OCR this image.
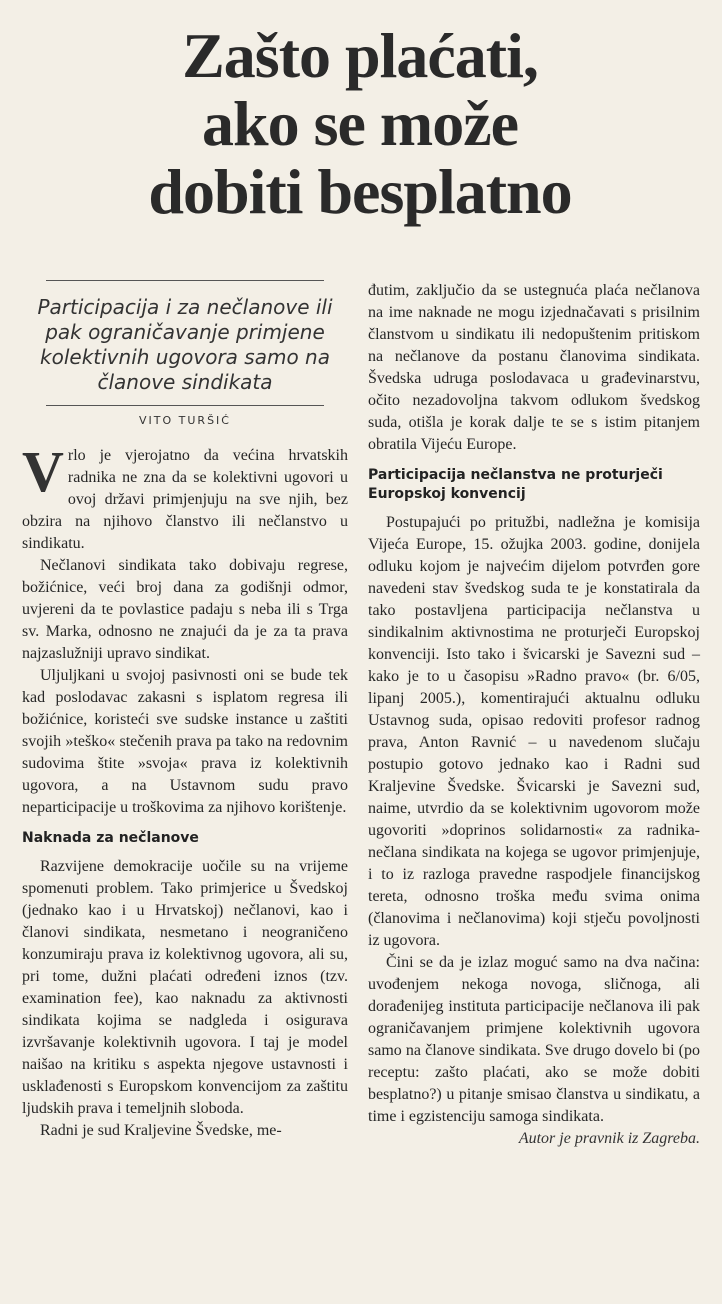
Zašto plaćati,
ako se može
dobiti besplatno
Participacija i za nečlanove ili pak ograničavanje primjene kolektivnih ugovora samo na članove sindikata
VITO TURŠIĆ

Vrlo je vjerojatno da većina hrvatskih radnika ne zna da se kolektivni ugovori u ovoj državi primjenjuju na sve njih, bez obzira na njihovo članstvo ili nečlanstvo u sindikatu.

Nečlanovi sindikata tako dobivaju regrese, božićnice, veći broj dana za godišnji odmor, uvjereni da te povlastice padaju s neba ili s Trga sv. Marka, odnosno ne znajući da je za ta prava najzaslužniji upravo sindikat.

Uljuljkani u svojoj pasivnosti oni se bude tek kad poslodavac zakasni s isplatom regresa ili božićnice, koristeći sve sudske instance u zaštiti svojih »teško« stečenih prava pa tako na redovnim sudovima štite »svoja« prava iz kolektivnih ugovora, a na Ustavnom sudu pravo neparticipacije u troškovima za njihovo korištenje.

Naknada za nečlanove

Razvijene demokracije uočile su na vrijeme spomenuti problem. Tako primjerice u Švedskoj (jednako kao i u Hrvatskoj) nečlanovi, kao i članovi sindikata, nesmetano i neograničeno konzumiraju prava iz kolektivnog ugovora, ali su, pri tome, dužni plaćati određeni iznos (tzv. examination fee), kao naknadu za aktivnosti sindikata kojima se nadgleda i osigurava izvršavanje kolektivnih ugovora. I taj je model naišao na kritiku s aspekta njegove ustavnosti i usklađenosti s Europskom konvencijom za zaštitu ljudskih prava i temeljnih sloboda.

Radni je sud Kraljevine Švedske, me-

đutim, zaključio da se ustegnuća plaća nečlanova na ime naknade ne mogu izjednačavati s prisilnim članstvom u sindikatu ili nedopuštenim pritiskom na nečlanove da postanu članovima sindikata. Švedska udruga poslodavaca u građevinarstvu, očito nezadovoljna takvom odlukom švedskog suda, otišla je korak dalje te se s istim pitanjem obratila Vijeću Europe.

Participacija nečlanstva ne proturječi Europskoj konvencij

Postupajući po pritužbi, nadležna je komisija Vijeća Europe, 15. ožujka 2003. godine, donijela odluku kojom je najvećim dijelom potvrđen gore navedeni stav švedskog suda te je konstatirala da tako postavljena participacija nečlanstva u sindikalnim aktivnostima ne proturječi Europskoj konvenciji. Isto tako i švicarski je Savezni sud – kako je to u časopisu »Radno pravo« (br. 6/05, lipanj 2005.), komentirajući aktualnu odluku Ustavnog suda, opisao redoviti profesor radnog prava, Anton Ravnić – u navedenom slučaju postupio gotovo jednako kao i Radni sud Kraljevine Švedske. Švicarski je Savezni sud, naime, utvrdio da se kolektivnim ugovorom može ugovoriti »doprinos solidarnosti« za radnika-nečlana sindikata na kojega se ugovor primjenjuje, i to iz razloga pravedne raspodjele financijskog tereta, odnosno troška među svima onima (članovima i nečlanovima) koji stječu povoljnosti iz ugovora.

Čini se da je izlaz moguć samo na dva načina: uvođenjem nekoga novoga, sličnoga, ali dorađenijeg instituta participacije nečlanova ili pak ograničavanjem primjene kolektivnih ugovora samo na članove sindikata. Sve drugo dovelo bi (po receptu: zašto plaćati, ako se može dobiti besplatno?) u pitanje smisao članstva u sindikatu, a time i egzistenciju samoga sindikata.

Autor je pravnik iz Zagreba.
